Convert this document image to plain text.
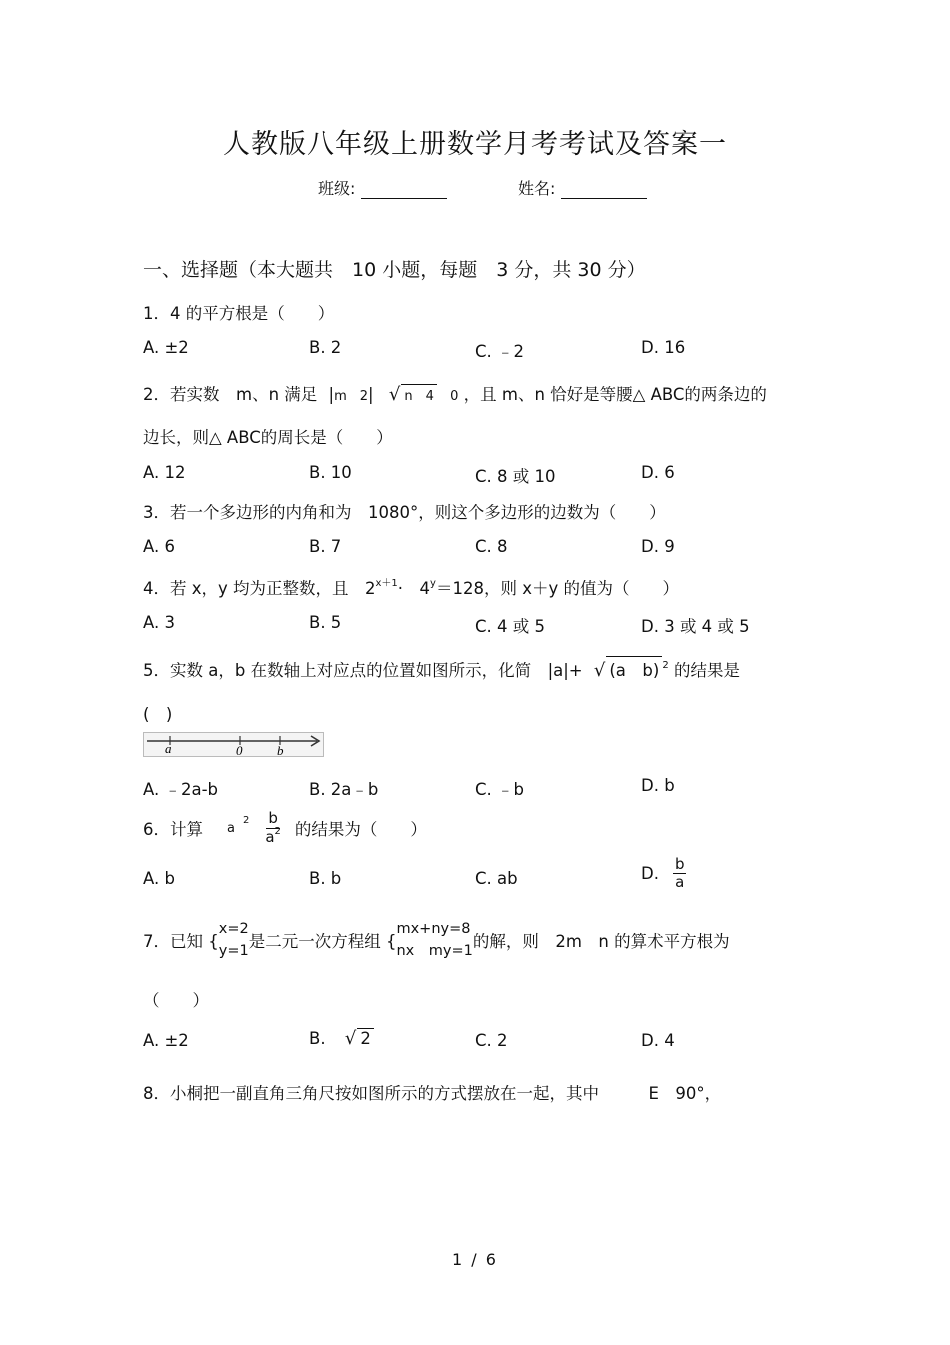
人教版八年级上册数学月考考试及答案一
班级:	姓名:
一、选择题（本大题共　10 小题，每题　3 分，共 30 分）
1．4 的平方根是（　　）
A. ±2	B. 2	C. ﹣2	D. 16
2．若实数　m、n 满足 |m　2| √ n　4 0 ，且 m、n 恰好是等腰△ ABC的两条边的
边长，则△ ABC的周长是（　　）
A. 12	B. 10	C. 8 或 10	D. 6
3．若一个多边形的内角和为　1080°，则这个多边形的边数为（　　）
A. 6	B. 7	C. 8	D. 9
4．若 x，y 均为正整数，且　$2^{x+1}\cdot$　$4^y=128$，则 x＋y 的值为（　　）
A. 3	B. 5	C. 4 或 5	D. 3 或 4 或 5
5．实数 a，b 在数轴上对应点的位置如图所示，化简　|a|+ √ (a　b) $^2$ 的结果是
(　)
a	0	b
A. ﹣2a-b	B. 2a﹣b	C. ﹣b	D. b
6．计算 a
$2 \frac{b}{a^2}$ 的结果为（　　）
A. b	B. b	C. ab	D. $\frac{b}{a}$
7．已知 {
x=2
y=1 是二元一次方程组 {
mx+ny=8
nx　my=1 的解，则　2m　n 的算术平方根为
（　　）
A. ±2	B. √ 2	C. 2	D. 4
8．小桐把一副直角三角尺按如图所示的方式摆放在一起，其中　　　E　90°，
1 / 6
